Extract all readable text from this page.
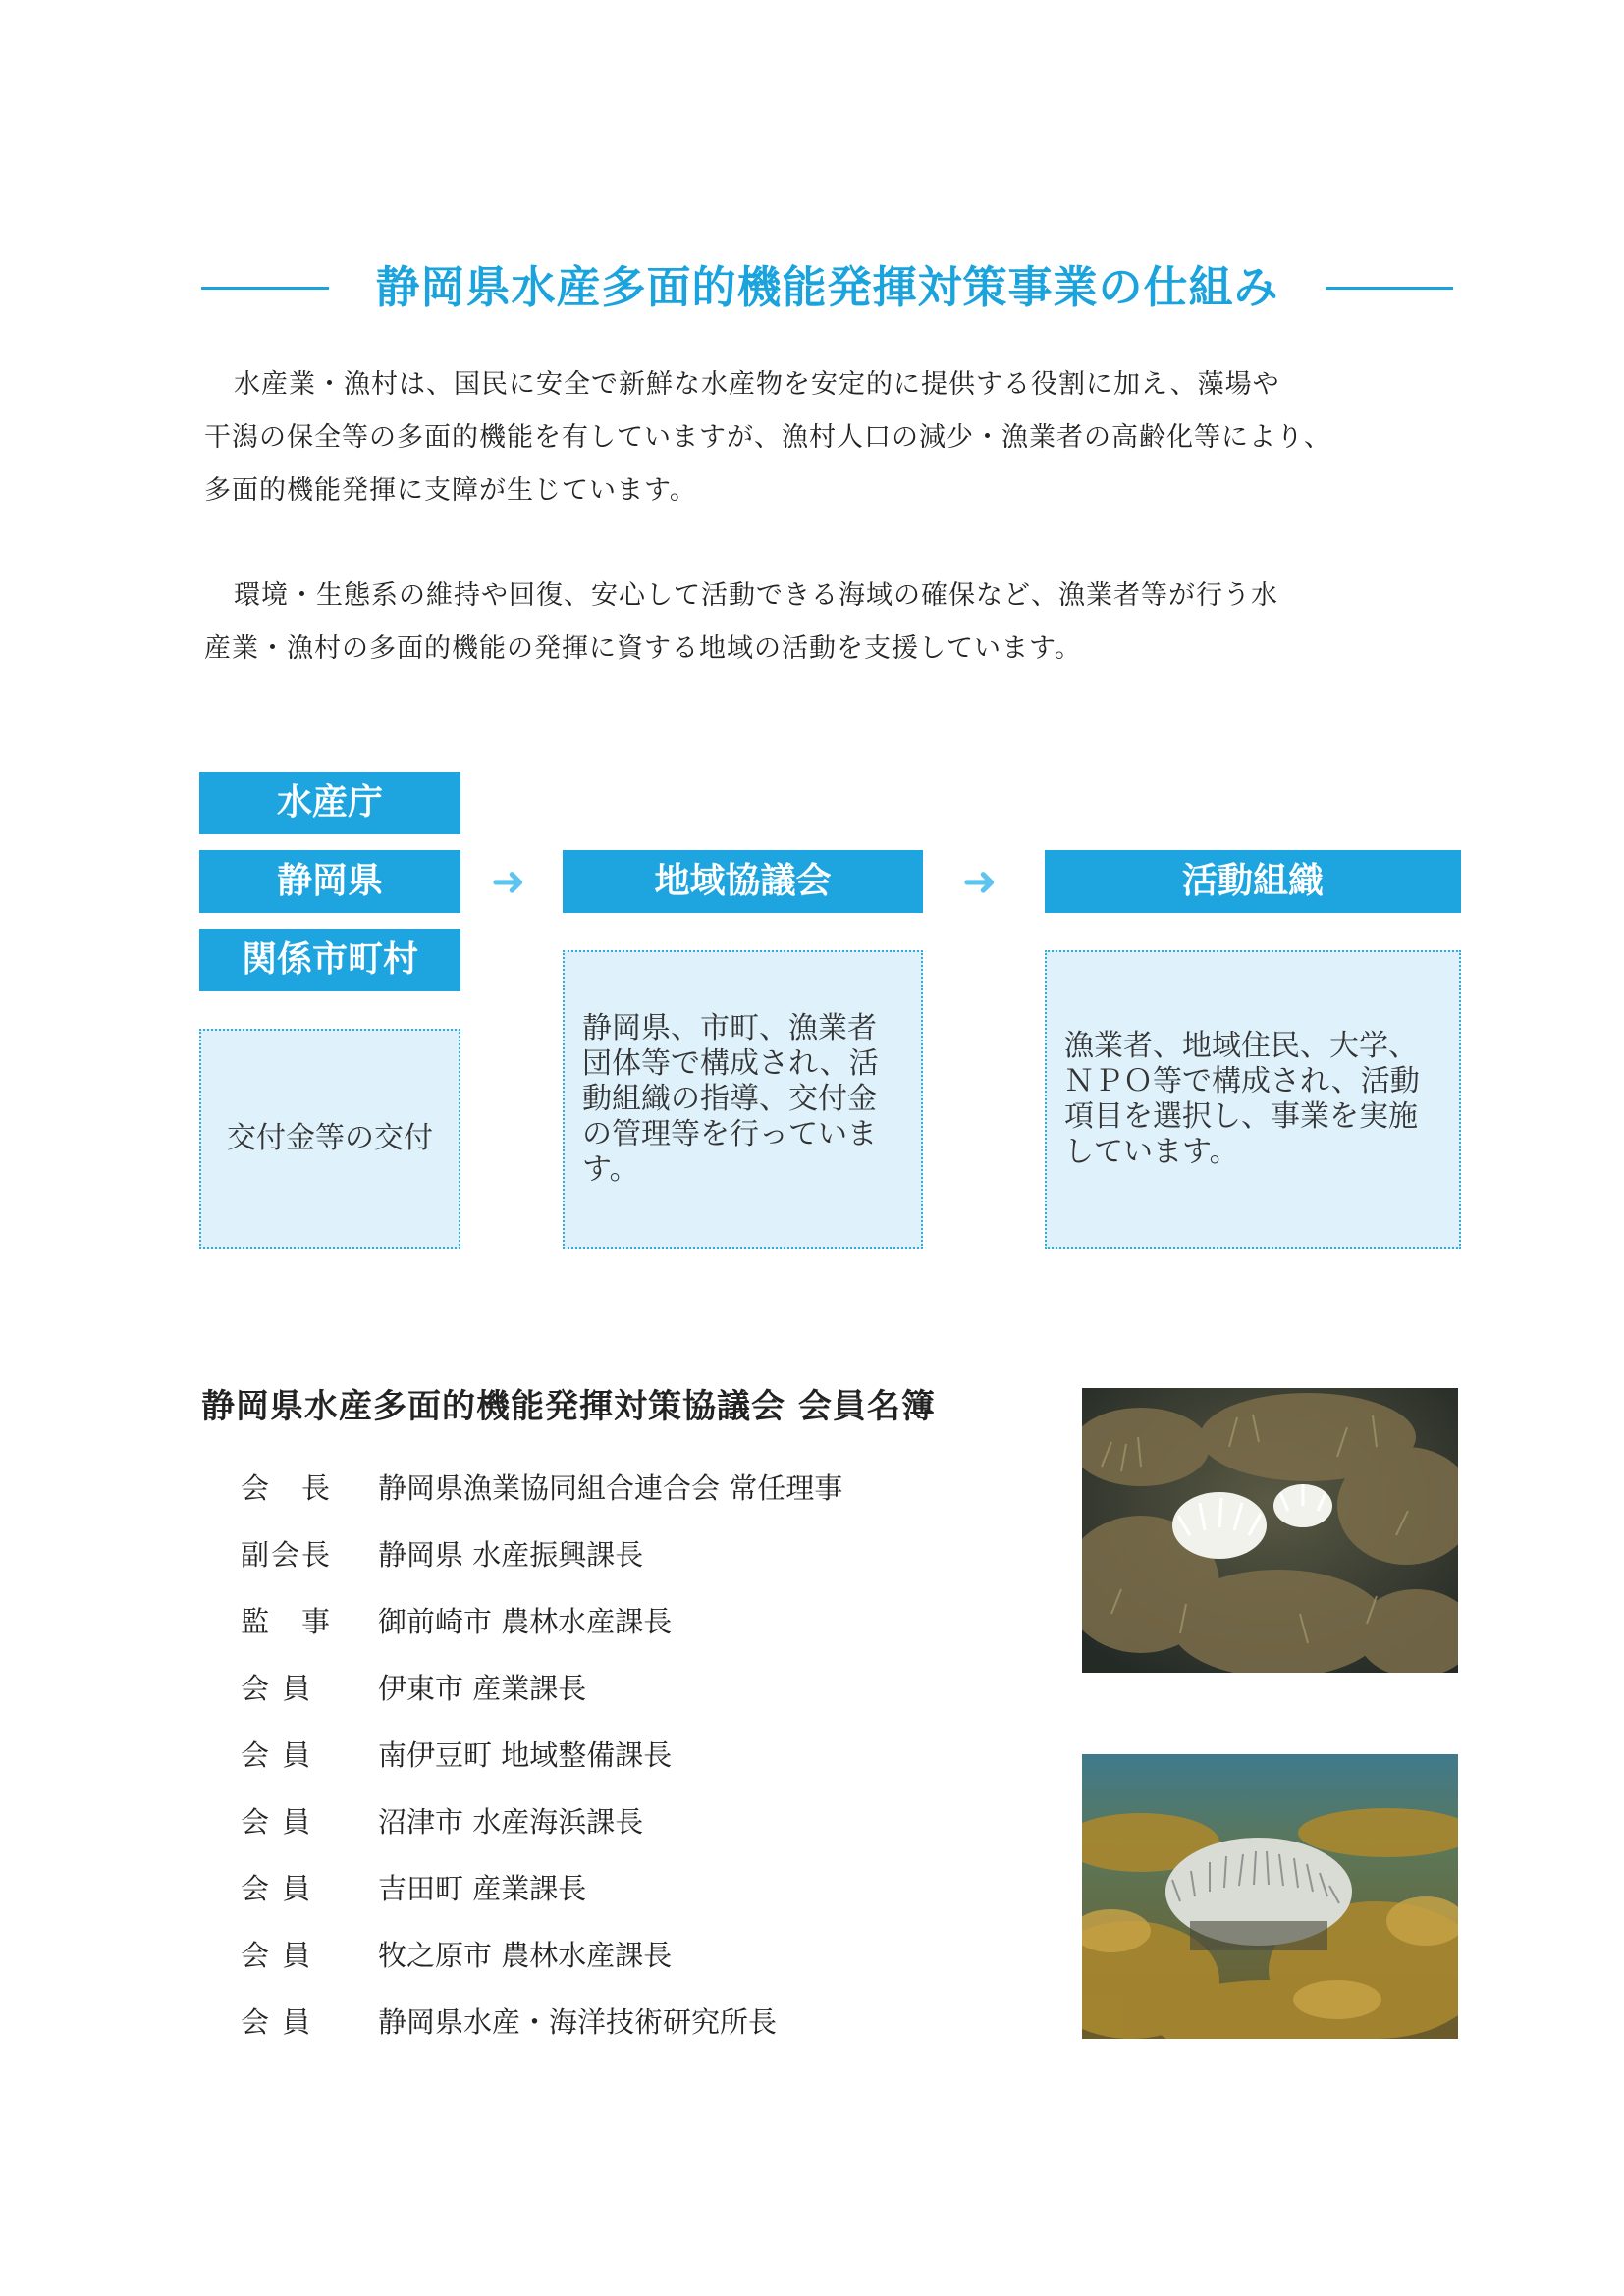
静岡県水産多面的機能発揮対策事業の仕組み

水産業・漁村は、国民に安全で新鮮な水産物を安定的に提供する役割に加え、藻場や

干潟の保全等の多面的機能を有していますが、漁村人口の減少・漁業者の高齢化等により、

多面的機能発揮に支障が生じています。

環境・生態系の維持や回復、安心して活動できる海域の確保など、漁業者等が行う水

産業・漁村の多面的機能の発揮に資する地域の活動を支援しています。

水産庁
静岡県
関係市町村
➜	地域協議会	➜	活動組織
交付金等の交付
静岡県、市町、漁業者
団体等で構成され、活
動組織の指導、交付金
の管理等を行っていま
す。
漁業者、地域住民、大学、
ＮＰＯ等で構成され、活動
項目を選択し、事業を実施
しています。
静岡県水産多面的機能発揮対策協議会 会員名簿
会　長	静岡県漁業協同組合連合会 常任理事
副会長	静岡県 水産振興課長
監　事	御前崎市 農林水産課長
会 員	伊東市 産業課長
会 員	南伊豆町 地域整備課長
会 員	沼津市 水産海浜課長
会 員	吉田町 産業課長
会 員	牧之原市 農林水産課長
会 員	静岡県水産・海洋技術研究所長
